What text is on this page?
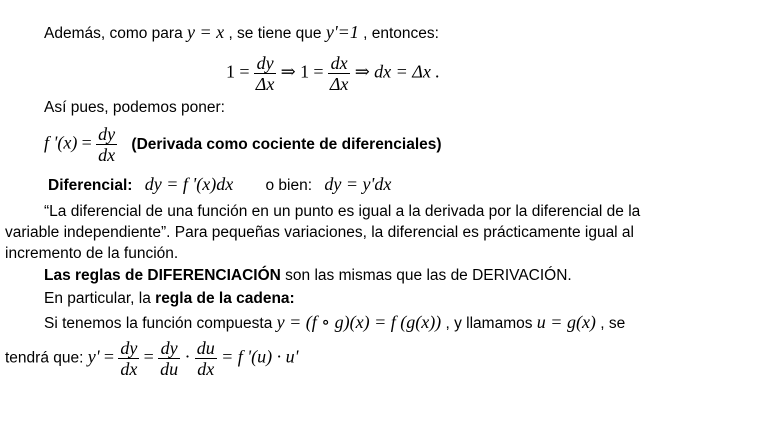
Además, como para y = x , se tiene que y'=1 , entonces:
$1 = \frac{dy}{\Delta x}$ ⇒ $1 = \frac{dx}{\Delta x}$ ⇒ dx = Δx .
Así pues, podemos poner:
f '$(x) = \frac{dy}{dx}$ (Derivada como cociente de diferenciales)
Diferencial: dy = f '(x)dx o bien: dy = y'dx
“La diferencial de una función en un punto es igual a la derivada por la diferencial de la
variable independiente”. Para pequeñas variaciones, la diferencial es prácticamente igual al
incremento de la función.
Las reglas de DIFERENCIACIÓN son las mismas que las de DERIVACIÓN.
En particular, la regla de la cadena:
Si tenemos la función compuesta y = (f ∘ g)(x) = f (g(x)) , y llamamos u = g(x) , se
tendrá que: $y' = \frac{dy}{dx} = \frac{dy}{du} \cdot \frac{du}{dx} = f$ '(u) · u'
